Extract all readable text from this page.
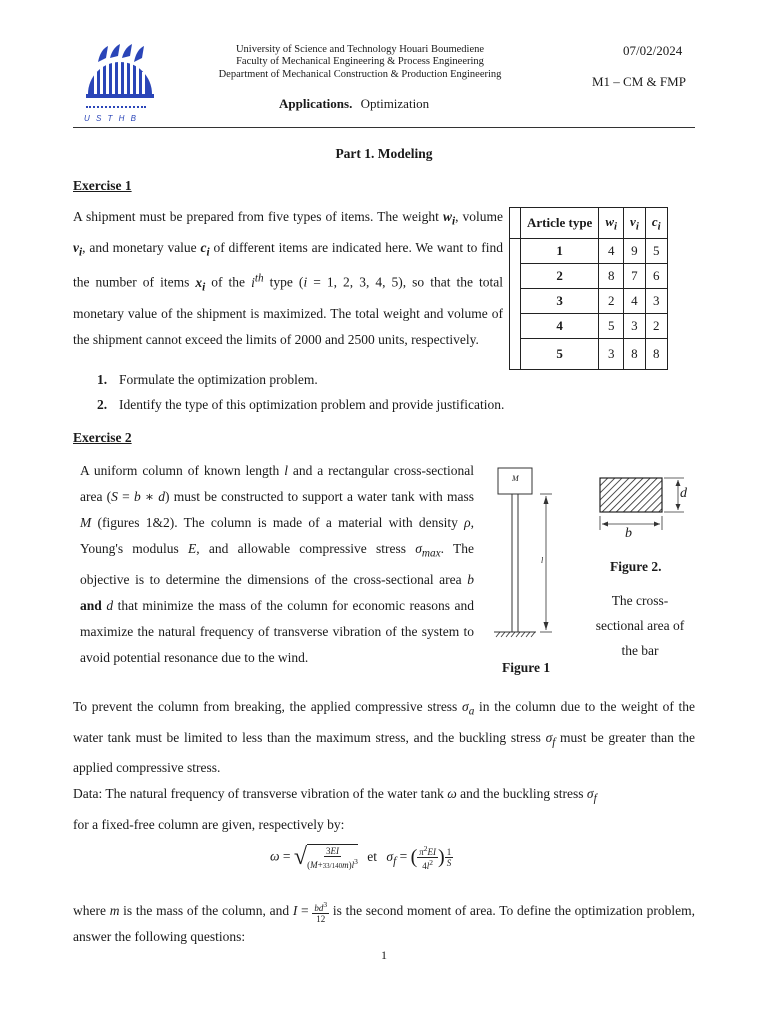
U S T H B
University of Science and Technology Houari Boumediene
Faculty of Mechanical Engineering & Process Engineering
Department of Mechanical Construction & Production Engineering
Applications. Optimization
07/02/2024
M1 – CM & FMP
Part 1. Modeling
Exercise 1
A shipment must be prepared from five types of items. The weight $w_i$, volume $v_i$, and monetary value $c_i$ of different items are indicated here. We want to find the number of items $x_i$ of the $i^{th}$ type (i = 1, 2, 3, 4, 5), so that the total monetary value of the shipment is maximized. The total weight and volume of the shipment cannot exceed the limits of 2000 and 2500 units, respectively.
	Article type	$w_i$	$v_i$	$c_i$
	1	4	9	5
	2	8	7	6
	3	2	4	3
	4	5	3	2
	5	3	8	8
1. Formulate the optimization problem.
2. Identify the type of this optimization problem and provide justification.
Exercise 2
A uniform column of known length l and a rectangular cross-sectional area (S = b ∗ d) must be constructed to support a water tank with mass M (figures 1&2). The column is made of a material with density ρ, Young's modulus E, and allowable compressive stress $\sigma_{max}$. The objective is to determine the dimensions of the cross-sectional area b and d that minimize the mass of the column for economic reasons and maximize the natural frequency of transverse vibration of the system to avoid potential resonance due to the wind.
M
l
Figure 1
d
b
Figure 2.
The cross-
sectional area of
the bar
To prevent the column from breaking, the applied compressive stress $\sigma_a$ in the column due to the weight of the water tank must be limited to less than the maximum stress, and the buckling stress $\sigma_f$ must be greater than the applied compressive stress.
Data: The natural frequency of transverse vibration of the water tank ω and the buckling stress $\sigma_f$
for a fixed-free column are given, respectively by:
ω = √ $\frac{3EI}{(M+33/140m)l^3}$ et $\sigma_f$ = ( $\frac{\pi^2EI}{4l^2}$ ) $\frac{1}{S}$
where m is the mass of the column, and $I = \frac{bd^3}{12}$ is the second moment of area. To define the optimization problem, answer the following questions:
1
